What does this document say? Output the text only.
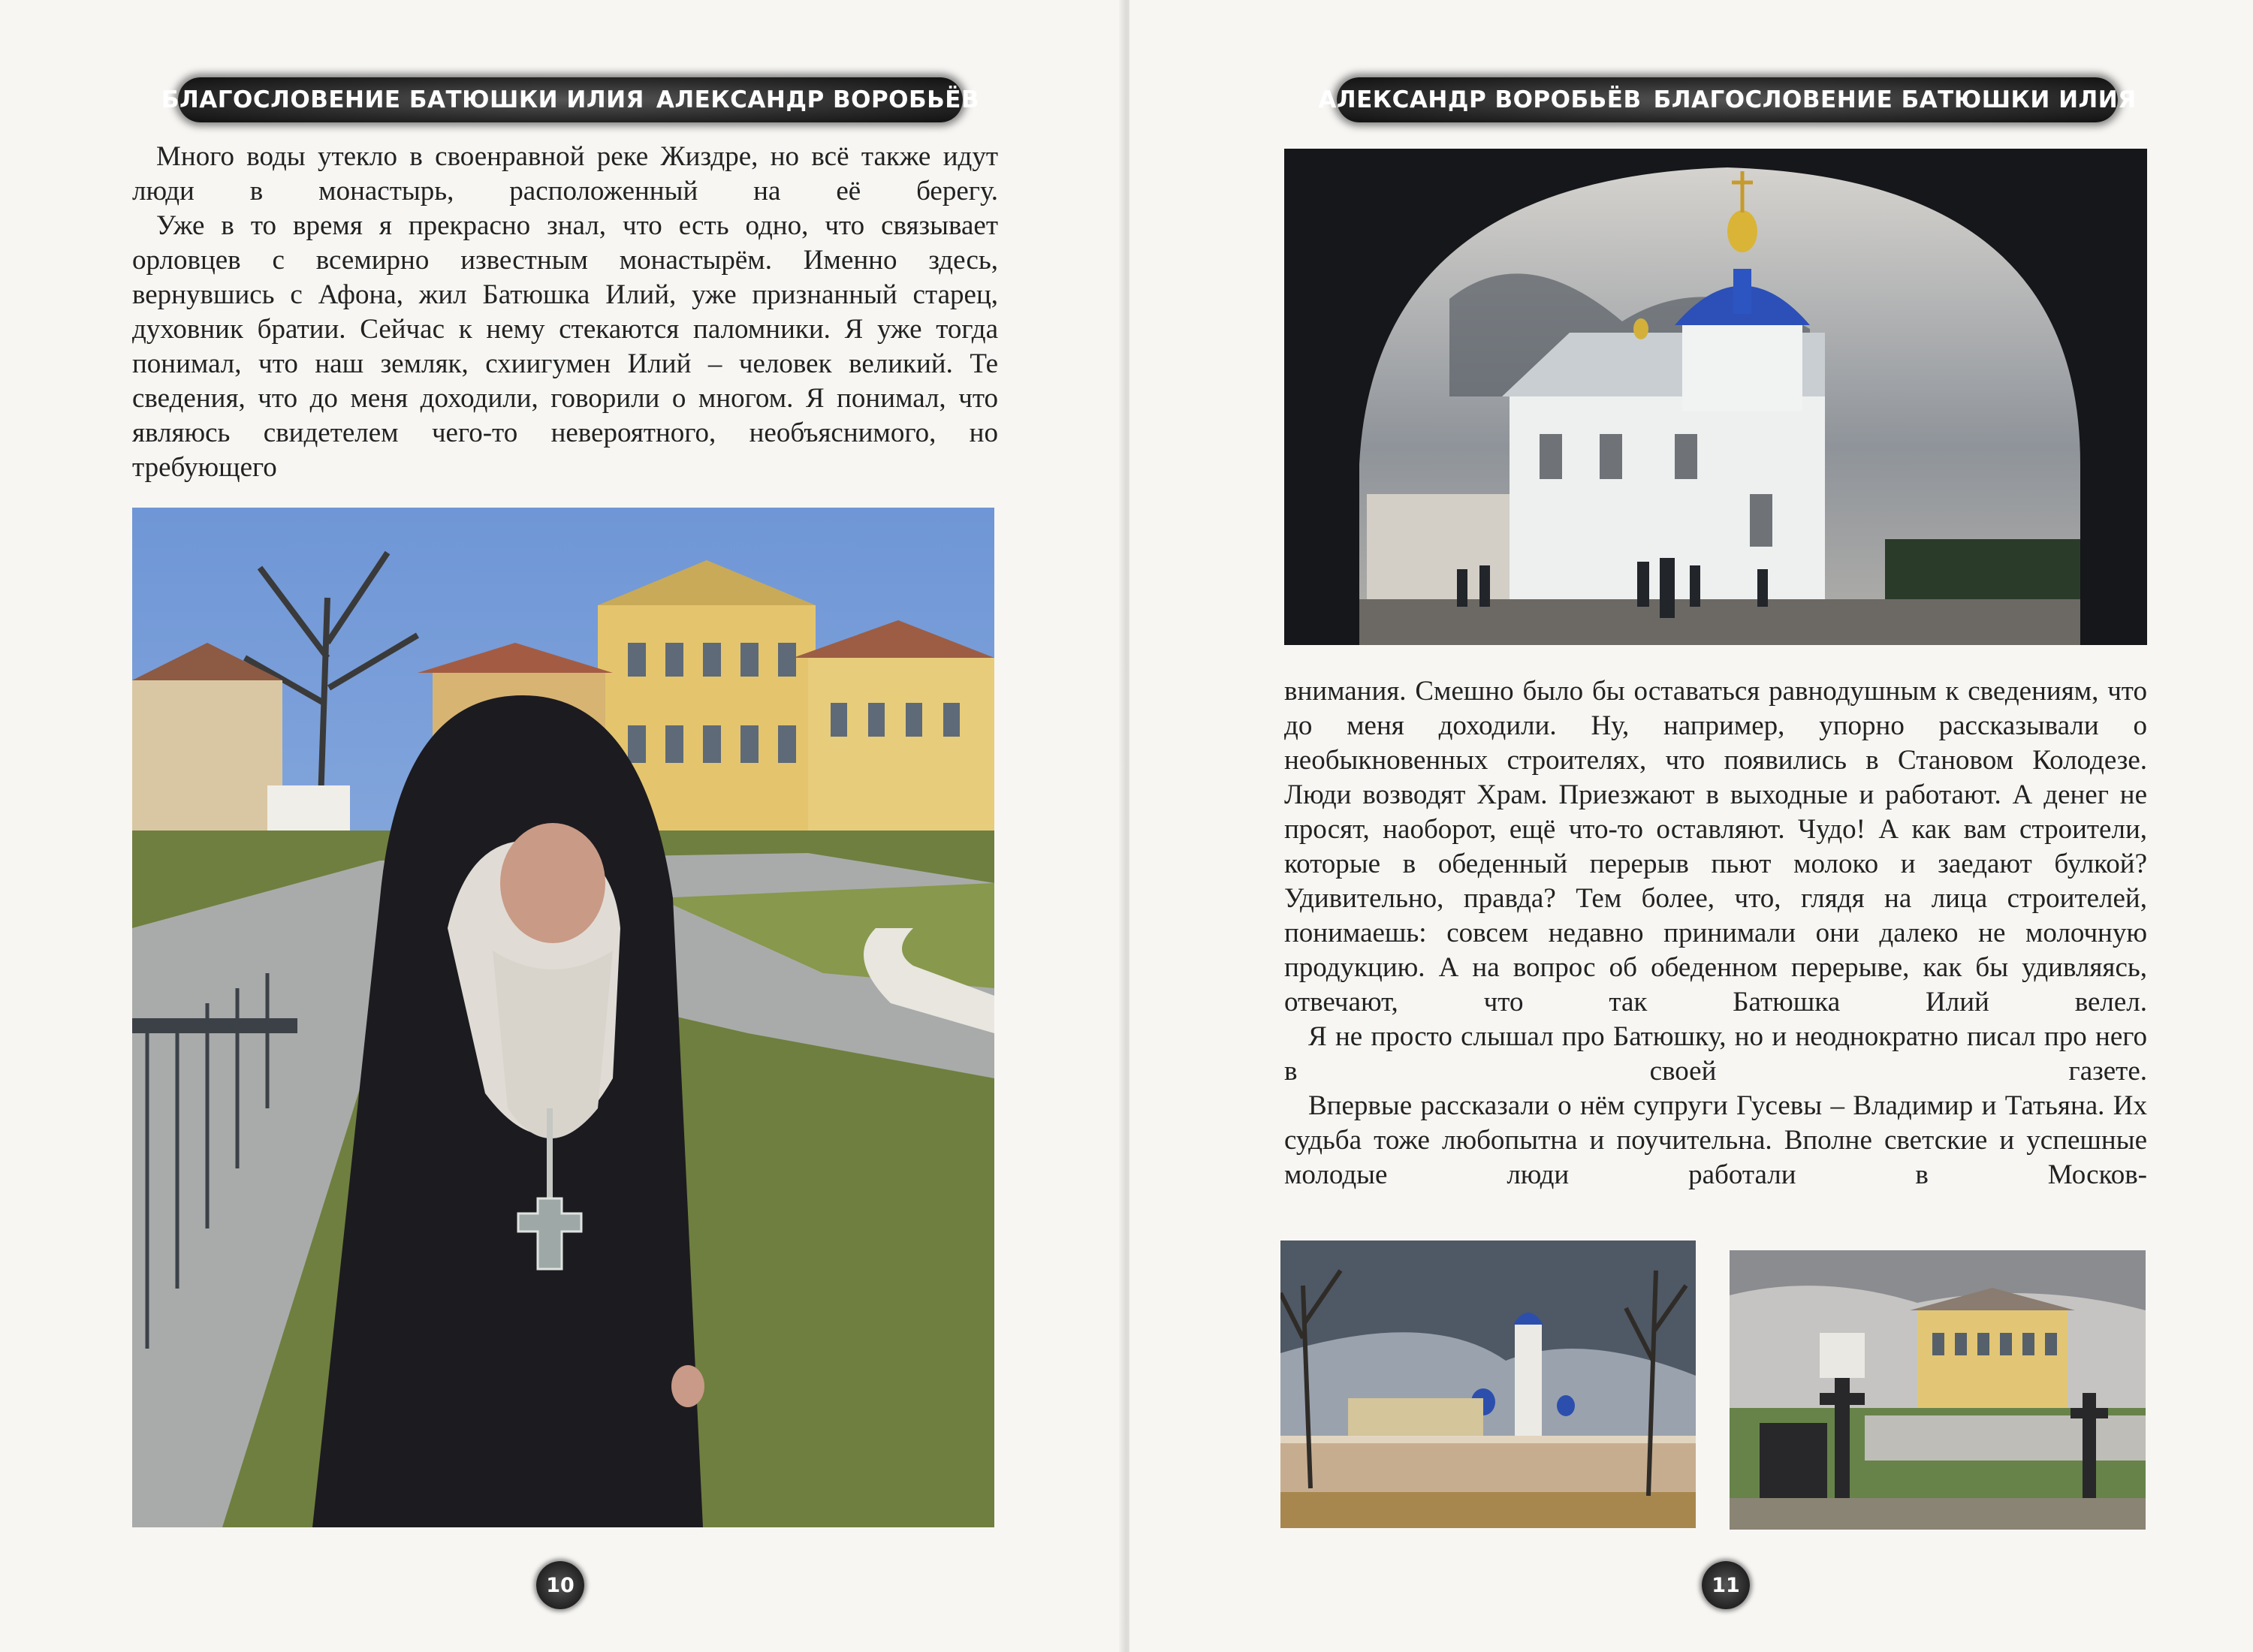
БЛАГОСЛОВЕНИЕ БАТЮШКИ ИЛИЯ АЛЕКСАНДР ВОРОБЬЁВ

Много воды утекло в своенравной реке Жиздре, но всё также идут люди в монастырь, расположенный на её берегу.

Уже в то время я прекрасно знал, что есть одно, что связывает орловцев с всемирно известным монастырём. Именно здесь, вернувшись с Афона, жил Батюшка Илий, уже признанный старец, духовник братии. Сейчас к нему стекаются паломники. Я уже тогда понимал, что наш земляк, схиигумен Илий – человек великий. Те сведения, что до меня доходили, говорили о многом. Я понимал, что являюсь свидетелем чего-то невероятного, необъяснимого, но требующего

10
АЛЕКСАНДР ВОРОБЬЁВ БЛАГОСЛОВЕНИЕ БАТЮШКИ ИЛИЯ

внимания. Смешно было бы оставаться равнодушным к сведениям, что до меня доходили. Ну, например, упорно рассказывали о необыкновенных строителях, что появились в Становом Колодезе. Люди возводят Храм. Приезжают в выходные и работают. А денег не просят, наоборот, ещё что-то оставляют. Чудо! А как вам строители, которые в обеденный перерыв пьют молоко и заедают булкой? Удивительно, правда? Тем более, что, глядя на лица строителей, понимаешь: совсем недавно принимали они далеко не молочную продукцию. А на вопрос об обеденном перерыве, как бы удивляясь, отвечают, что так Батюшка Илий велел.

Я не просто слышал про Батюшку, но и неоднократно писал про него в своей газете.

Впервые рассказали о нём супруги Гусевы – Владимир и Татьяна. Их судьба тоже любопытна и поучительна. Вполне светские и успешные молодые люди работали в Москов-

11
